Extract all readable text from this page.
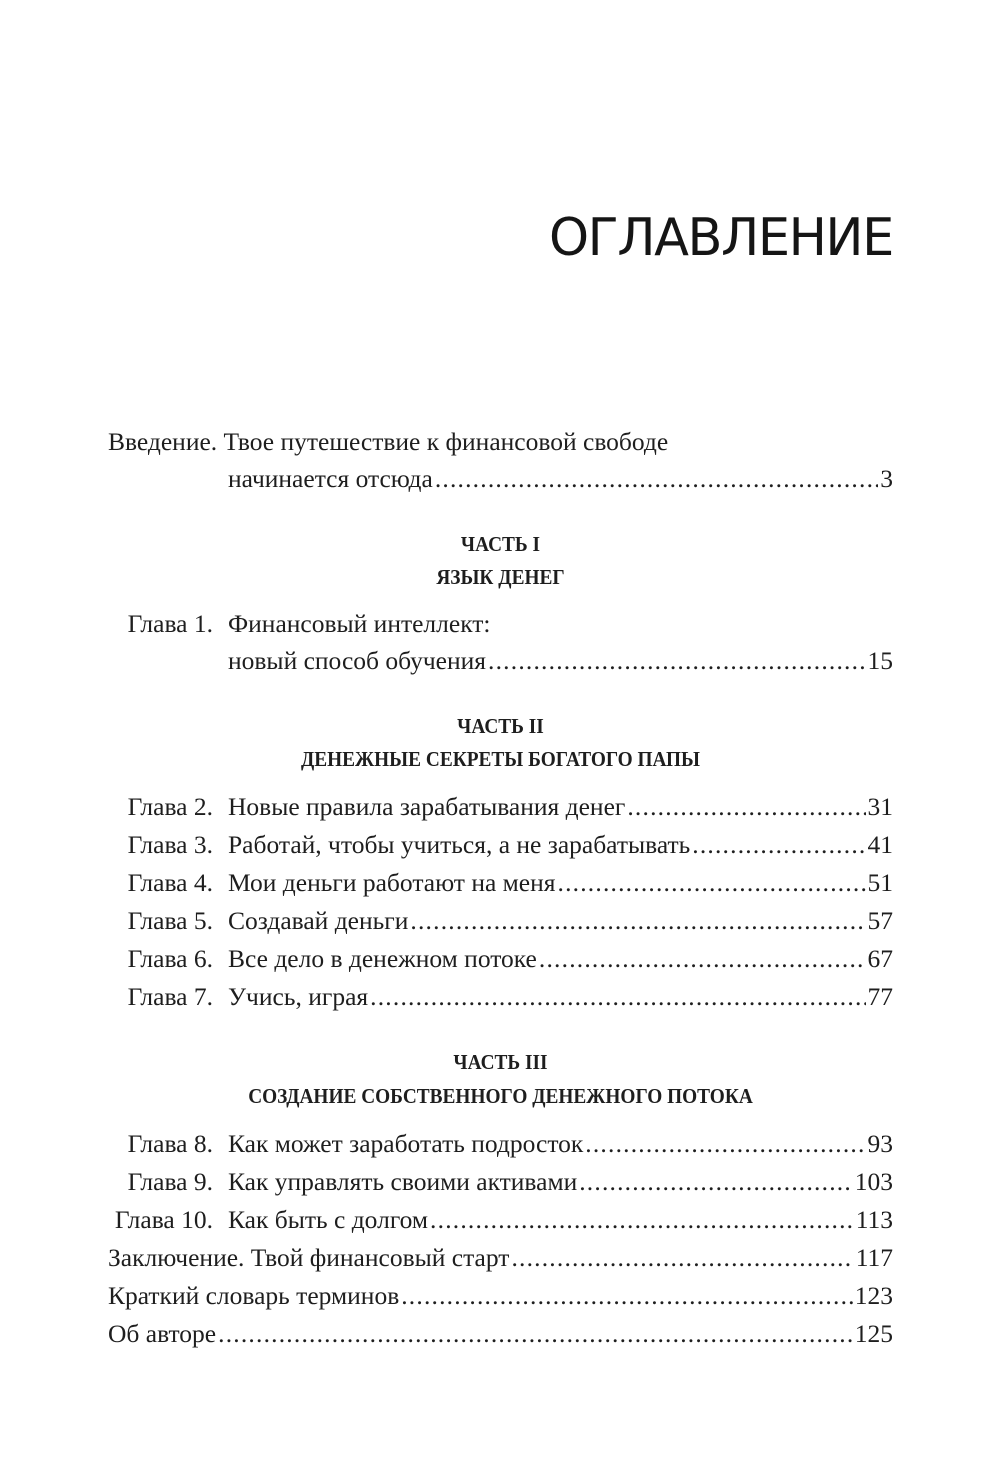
ОГЛАВЛЕНИЕ
Введение. Твое путешествие к финансовой свободе
начинается отсюда .....	3
ЧАСТЬ I
ЯЗЫК ДЕНЕГ
Глава 1. Финансовый интеллект:
новый способ обучения .....	15
ЧАСТЬ II
ДЕНЕЖНЫЕ СЕКРЕТЫ БОГАТОГО ПАПЫ
Глава 2. Новые правила зарабатывания денег .....	31
Глава 3. Работай, чтобы учиться, а не зарабатывать .....	41
Глава 4. Мои деньги работают на меня .....	51
Глава 5. Создавай деньги .....	57
Глава 6. Все дело в денежном потоке .....	67
Глава 7. Учись, играя .....	77
ЧАСТЬ III
СОЗДАНИЕ СОБСТВЕННОГО ДЕНЕЖНОГО ПОТОКА
Глава 8. Как может заработать подросток .....	93
Глава 9. Как управлять своими активами .....	103
Глава 10. Как быть с долгом .....	113
Заключение. Твой финансовый старт .....	117
Краткий словарь терминов .....	123
Об авторе .....	125
